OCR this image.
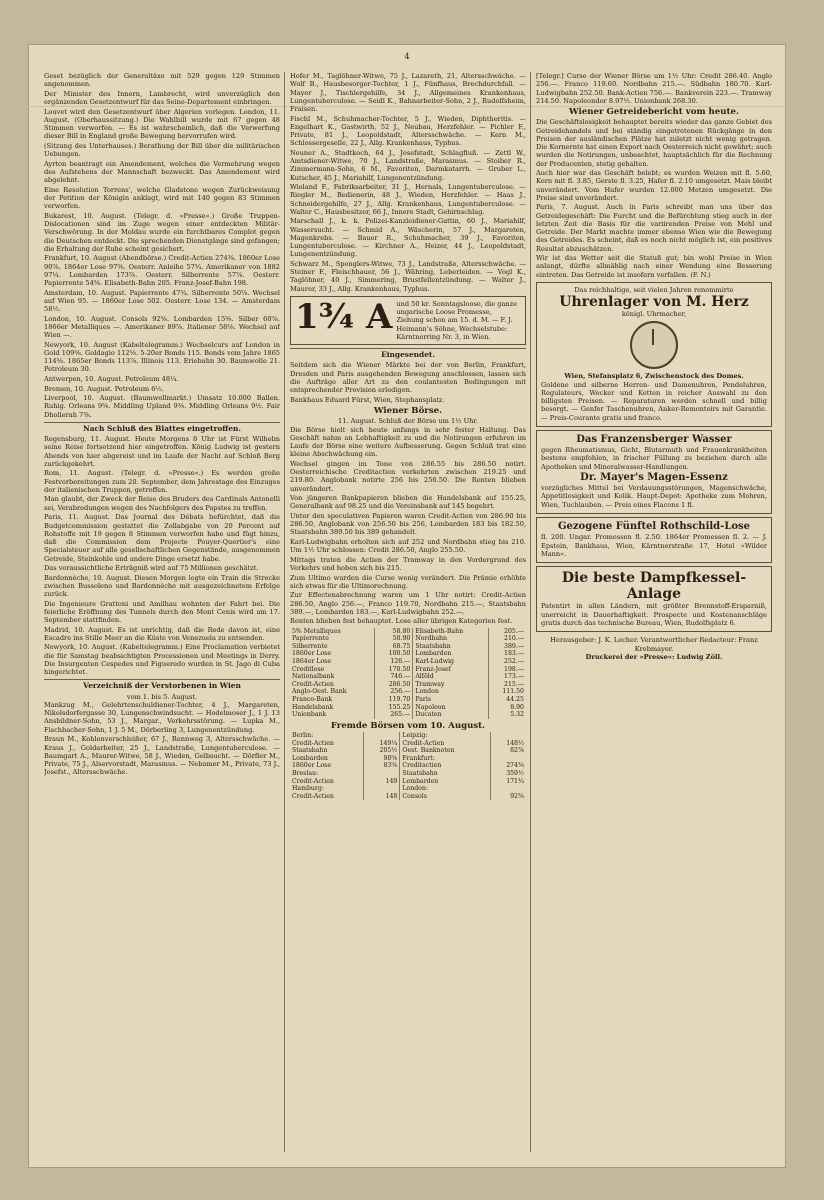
4

Geset bezüglich der Generaltäxe mit 529 gegen 129 Stimmen angenommen.

Der Minister des Innern, Lambrecht, wird unverzüglich den ergänzenden Gesetzentwurf für das Seine-Departement einbringen.

Louvet wird den Gesetzentwurf über Algerien vorlegen. London, 11. August. (Oberhaussitzung.) Die Wahlbill wurde mit 67 gegen 48 Stimmen verworfen. — Es ist wahrscheinlich, daß die Verwerfung dieser Bill in England große Bewegung hervorrufen wird.

(Sitzung des Unterhauses.) Berathung der Bill über die militärischen Uebungen.

Ayrton beantragt ein Amendement, welches die Vermehrung wegen des Aufstehens der Mannschaft bezweckt. Das Amendement wird abgelehnt.

Eine Resolution Torrens', welche Gladstone wegen Zurückweisung der Petition der Königin anklagt, wird mit 140 gegen 83 Stimmen verworfen.

Bukarest, 10. August. (Telegr. d. »Presse«.) Große Truppen-Dislocationen sind im Zuge wegen einer entdeckten Militär-Verschwörung. In der Moldau wurde ein furchtbares Complot gegen die Deutschen entdeckt. Die sprechenden Dienstgänge sind gefangen; die Erhaltung der Ruhe scheint gesichert.

Frankfurt, 10. August (Abendbörse.) Credit-Actien 274⅜. 1860er Lose 90⅞. 1864er Lose 97⅜. Oesterr. Anleihe 57¾. Amerikaner von 1882 97¼. Lombarden 173⅞. Oesterr. Silberrente 57⅞. Oesterr. Papierrente 54⅝. Elisabeth-Bahn 205. Franz-Josef-Bahn 198.

Amsterdam, 10. August. Papierrente 47¾. Silberrente 50⅞. Wechsel auf Wien 95. — 1860er Lose 502. Oesterr. Lose 134. — Amsterdam 58½.

London, 10. August. Consols 92⅝. Lombarden 15⅝. Silber 60⅞. 1866er Metalliques —. Amerikaner 89⅞. Italiener 58⅛. Wechsel auf Wien —.

Newyork, 10. August (Kabeltelegramm.) Wechselcurs auf London in Gold 109⅝. Goldagio 112⅛. 5-20er Bonds 115. Bonds vom Jahre 1865 114⅝. 1865er Bonds 113⅞. Illinois 113. Eriebahn 30. Baumwolle 21. Petroleum 30.

Antwerpen, 10. August. Petroleum 48¼.

Bremen, 10. August. Petroleum 6½.

Liverpool, 10. August. (Baumwollmarkt.) Umsatz 10.000 Ballen. Ruhig. Orleans 9⅝. Middling Upland 9⅜. Middling Orleans 9½. Fair Dhollerah 7⅜.

Nach Schluß des Blattes eingetroffen.

Regensburg, 11. August. Heute Morgens 8 Uhr ist Fürst Wilhelm seine Reise fortsetzend hier eingetroffen. König Ludwig ist gestern Abends von hier abgereist und im Laufe der Nacht auf Schloß Berg zurückgekehrt.

Rom, 11. August. (Telegr. d. »Presse«.) Es werden große Festvorbereitungen zum 20. September, dem Jahrestage des Einzuges der italienischen Truppen, getroffen.

Man glaubt, der Zweck der Reise des Bruders des Cardinals Antonelli sei, Verabredungen wegen des Nachfolgers des Papstes zu treffen.

Paris, 11. August. Das Journal des Débats befürchtet, daß die Budgetcommission gestattet die Zollabgabe von 20 Percent auf Rohstoffe mit 19 gegen 8 Stimmen verworfen habe und fügt hinzu, daß die Commission dem Projecte Pouyer-Quertier's eine Specialsteuer auf alle gesellschaftlichen Gegenstände, ausgenommen Getreide, Steinkohle und andere Dinge ersetzt habe.

Das voraussichtliche Erträgniß wird auf 75 Millionen geschätzt.

Bardonnèche, 10. August. Diesen Morgen legte ein Train die Strecke zwischen Bussoleno und Bardonnèche mit ausgezeichnetem Erfolge zurück.

Die Ingenieure Grattoni und Amilhau wohnten der Fahrt bei. Die feierliche Eröffnung des Tunnels durch den Mont Cenis wird am 17. September stattfinden.

Madrid, 10. August. Es ist unrichtig, daß die Rede davon ist, eine Escadre ins Stille Meer an die Küste von Venezuela zu entsenden.

Newyork, 10. August. (Kabeltelegramm.) Eine Proclamation verbietet die für Samstag beabsichtigten Processionen und Meetings in Derry. Die Insurgenten Cespedes und Figueredo wurden in St. Jago di Cuba hingerichtet.

Verzeichniß der Verstorbenen in Wien
vom 1. bis 5. August.

Mankzug M., Gelehrtenschuldiener-Tochter, 4 J., Margareten, Nikolsdorfergasse 30, Lungenschwindsucht. — Hodelmoser J., 1 J. 13 Ansbildner-Sohn, 53 J., Margar., Verkehrsstörung. — Lupka M., Fischbacher-Sohn, 1 J. 5 M., Dörberling 3, Lungenentzündung.

Braun M., Kohlenverschleißer, 67 J., Rennweg 3, Altersschwäche. — Kraus J., Goldarbeiter, 25 J., Landstraße, Lungentuberculose. — Baumgart A., Maurer-Witwe, 58 J., Wieden, Gelbsucht. — Dörfler M., Private, 75 J., Alservorstadt, Marasmus. — Nebamer M., Private, 73 J., Josefst., Altersschwäche.

Hofer M., Taglöhner-Witwe, 75 J., Lazareth, 21, Altersschwäche. — Wolf B., Hausbesorger-Tochter, 1 J., Fünfhaus, Brechdurchfall. — Mayer J., Tischlergehilfe, 34 J., Allgemeines Krankenhaus, Lungentuberculose. — Seidl K., Bahnarbeiter-Sohn, 2 J., Rudolfsheim, Fraisen.

Fischl M., Schuhmacher-Tochter, 5 J., Wieden, Diphtheritis. — Engelhart K., Gastwirth, 52 J., Neubau, Herzfehler. — Pichler F., Private, 81 J., Leopoldstadt, Altersschwäche. — Kern M., Schlossergeselle, 22 J., Allg. Krankenhaus, Typhus.

Neuner A., Stadtkoch, 64 J., Josefstadt, Schlagfluß. — Zettl W., Amtsdiener-Witwe, 70 J., Landstraße, Marasmus. — Stoiber R., Zimmermann-Sohn, 6 M., Favoriten, Darmkatarrh. — Gruber L., Kutscher, 45 J., Mariahilf, Lungenentzündung.

Wieland F., Fabriksarbeiter, 31 J., Hernals, Lungentuberculose. — Riegler M., Bedienerin, 48 J., Wieden, Herzfehler. — Haas J., Schneidergehilfe, 27 J., Allg. Krankenhaus, Lungentuberculose. — Walter C., Hausbesitzer, 66 J., Innere Stadt, Gehirnschlag.

Marschall J., k. k. Polizei-Kanzleidiener-Gattin, 60 J., Mariahilf, Wassersucht. — Schmid A., Wäscherin, 57 J., Margareten, Magenkrebs. — Bauer R., Schuhmacher, 39 J., Favoriten, Lungentuberculose. — Kirchner A., Heizer, 44 J., Leopoldstadt, Lungenentzündung.

Schwarz M., Spenglers-Witwe, 73 J., Landstraße, Altersschwäche. — Steiner F., Fleischhauer, 56 J., Währing, Leberleiden. — Vogl K., Taglöhner, 40 J., Simmering, Brustfellentzündung. — Walter J., Maurer, 33 J., Allg. Krankenhaus, Typhus.

1¾ A und 50 kr. Sonntagsloose, die ganze ungarische Loose Promesse, Ziehung schon am 15. d. M. — F. J. Heimann's Söhne, Wechselstube: Kärntnerring Nr. 3, in Wien.
Eingesendet.

Seitdem sich die Wiener Märkte bei der von Berlin, Frankfurt, Dresden und Paris ausgehenden Bewegung anschlossen, lassen sich die Aufträge aller Art zu den coulantesten Bedingungen mit entsprechender Provision erledigen.

Bankhaus Eduard Fürst, Wien, Stephansplatz.

Wiener Börse.
11. August. Schluß der Börse um 1½ Uhr.

Die Börse hielt sich heute anfangs in sehr fester Haltung. Das Geschäft nahm an Lebhaftigkeit zu und die Notirungen erfuhren im Laufe der Börse eine weitere Aufbesserung. Gegen Schluß trat eine kleine Abschwächung ein.

Wechsel gingen im Tone von 286.55 bis 286.50 notirt. Oesterreichische Creditactien verkehrten zwischen 219.25 und 219.80. Anglobank notirte 256 bis 256.50. Die Renten blieben unverändert.

Von jüngeren Bankpapieren blieben die Handelsbank auf 155.25, Generalbank auf 98.25 und die Vereinsbank auf 145 begehrt.

Unter den speculativen Papieren waren Credit-Actien von 286.90 bis 286.50, Anglobank von 256.50 bis 256, Lombarden 183 bis 182.50, Staatsbahn 389.50 bis 389 gehandelt.

Karl-Ludwigbahn erholten sich auf 252 und Nordbahn stieg bis 210. Um 1½ Uhr schlossen: Credit 286.50, Anglo 255.50.

Mittags traten die Actien der Tramway in den Vordergrund des Verkehrs und hoben sich bis 215.

Zum Ultimo wurden die Curse wenig verändert. Die Prämie erhöhte sich etwas für die Ultimorechnung.

Zur Effectenabrechnung waren um 1 Uhr notirt: Credit-Actien 286.50, Anglo 256.—, Franco 119.70, Nordbahn 215.—, Staatsbahn 389.—, Lombarden 183.—, Karl-Ludwigbahn 252.—.

Renten blieben fest behauptet. Lose aller übrigen Kategorien fest.

5% Metalliques	58.80	Elisabeth-Bahn	205.—
Papierrente	58.90	Nordbahn	210.—
Silberrente	68.75	Staatsbahn	389.—
1860er Lose	100.50	Lombarden	183.—
1864er Lose	126.—	Karl-Ludwig	252.—
Creditlose	170.50	Franz-Josef	198.—
Nationalbank	746.—	Alföld	173.—
Credit-Actien	286.50	Tramway	215.—
Anglo-Oest. Bank	256.—	London	111.50
Franco-Bank	119.70	Paris	44.25
Handelsbank	155.25	Napoleon	8.90
Unionbank	265.—	Ducaten	5.32
Fremde Börsen vom 10. August.
Berlin:		Leipzig:	
Credit-Actien	149¼	Credit-Actien	148½
Staatsbahn	205½	Oest. Banknoten	82⅞
Lombarden	98⅝	Frankfurt:	
1860er Lose	83⅝	Creditactien	274⅜
Breslau:		Staatsbahn	359½
Credit-Actien	149	Lombarden	171¾
Hamburg:		London:	
Credit-Actien	148	Consols	92⅝

[Telegr.] Curse der Wiener Börse um 1½ Uhr: Credit 286.40. Anglo 256.—. Franco 119.60. Nordbahn 215.—. Südbahn 180.70. Karl-Ludwigbahn 252.50. Bank-Actien 756.—. Bankverein 223.—. Tramway 214.50. Napoleondor 8.97½. Unionbank 268.30.

Wiener Getreidebericht vom heute.

Die Geschäftslosigkeit behauptet bereits wieder das ganze Gebiet des Getreidehandels und bei ständig eingetretenen Rückgänge in den Preisen der ausländischen Plätze hat zuletzt nicht wenig getragen. Die Kornernte hat einen Export nach Oesterreich nicht gewährt; auch wurden die Notirungen, unbeachtet, hauptsächlich für die Rechnung der Producenten, stetig gehalten.

Auch hier war das Geschäft belebt; es wurden Weizen mit fl. 5.60, Korn mit fl. 3.85, Gerste fl. 3.25, Hafer fl. 2.10 umgesetzt. Mais bleibt unverändert. Vom Hafer wurden 12.000 Metzen umgesetzt. Die Preise sind unverändert.

Paris, 7. August. Auch in Paris schreibt man uns über das Getreidegeschäft: Die Furcht und die Befürchtung stieg auch in der letzten Zeit die Basis für die variirenden Preise von Mehl und Getreide. Der Markt machte immer ebenso Wien wie die Bewegung des Getreides. Es scheint, daß es noch nicht möglich ist, ein positives Resultat abzuschätzen.

Wir ist das Wetter seit die Statuß gut; bin wohl Preise in Wien anlangt, dürfte allmählig nach einer Wendung eine Besserung eintreten. Das Getreide ist insofern verfallen. (F. N.)

Das reichhaltige, seit vielen Jahren renommirte
Uhrenlager von M. Herz
königl. Uhrmacher,
Wien, Stefansplatz 6, Zwischenstock des Domes.

Goldene und silberne Herren- und Damenuhren, Pendeluhren, Regulateurs, Wecker und Ketten in reicher Auswahl zu den billigsten Preisen. — Reparaturen werden schnell und billig besorgt. — Genfer Taschenuhren, Anker-Remontoirs mit Garantie. — Preis-Courante gratis und franco.

Das Franzensberger Wasser

gegen Rheumatismus, Gicht, Blutarmuth und Frauenkrankheiten bestens empfohlen, in frischer Füllung zu beziehen durch alle Apotheken und Mineralwasser-Handlungen.

Dr. Mayer's Magen-Essenz

vorzügliches Mittel bei Verdauungsstörungen, Magenschwäche, Appetitlosigkeit und Kolik. Haupt-Depot: Apotheke zum Mohren, Wien, Tuchlauben. — Preis eines Flacons 1 fl.

Gezogene Fünftel Rothschild-Lose

fl. 200. Ungar. Promessen fl. 2.50. 1864er Promessen fl. 2. — J. Epstein, Bankhaus, Wien, Kärntnerstraße 17, Hotel »Wilder Mann«.

Die beste Dampfkessel-Anlage

Patentirt in allen Ländern, mit größter Brennstoff-Ersparniß, unerreicht in Dauerhaftigkeit. Prospecte und Kostenanschläge gratis durch das technische Bureau, Wien, Rudolfsplatz 6.

Herausgeber: J. K. Lecher. Verantwortlicher Redacteur: Franz Krebmayer.
Druckerei der »Presse«: Ludwig Zöll.
